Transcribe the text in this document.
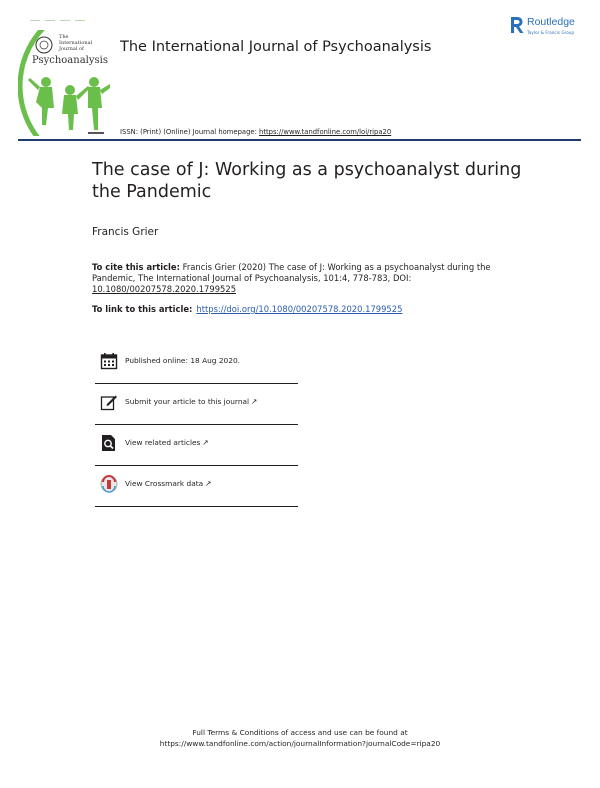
The
International
Journal of
Psychoanalysis
The International Journal of Psychoanalysis
Routledge
Taylor & Francis Group
ISSN: (Print) (Online) Journal homepage: https://www.tandfonline.com/loi/ripa20
The case of J: Working as a psychoanalyst during the Pandemic
Francis Grier
To cite this article: Francis Grier (2020) The case of J: Working as a psychoanalyst during the Pandemic, The International Journal of Psychoanalysis, 101:4, 778-783, DOI: 10.1080/00207578.2020.1799525
To link to this article: https://doi.org/10.1080/00207578.2020.1799525
Published online: 18 Aug 2020.
Submit your article to this journal ↗
View related articles ↗
View Crossmark data ↗
Full Terms & Conditions of access and use can be found at
https://www.tandfonline.com/action/journalInformation?journalCode=ripa20
